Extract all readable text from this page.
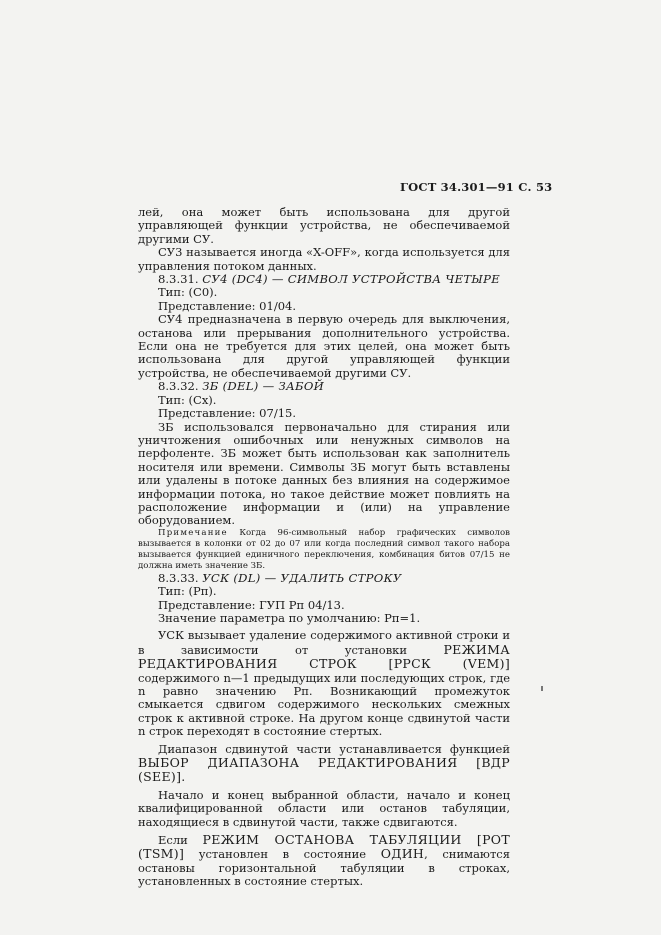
ГОСТ 34.301—91 С. 53

лей, она может быть использована для другой управляющей функции устройства, не обеспечиваемой другими СУ.

СУ3 называется иногда «X-OFF», когда используется для управления потоком данных.

8.3.31. СУ4 (DC4) — СИМВОЛ УСТРОЙСТВА ЧЕТЫРЕ

Тип: (С0).

Представление: 01/04.

СУ4 предназначена в первую очередь для выключения, останова или прерывания дополнительного устройства. Если она не требуется для этих целей, она может быть использована для другой управляющей функции устройства, не обеспечиваемой другими СУ.

8.3.32. ЗБ (DEL) — ЗАБОЙ

Тип: (Сх).

Представление: 07/15.

ЗБ использовался первоначально для стирания или уничтожения ошибочных или ненужных символов на перфоленте. ЗБ может быть использован как заполнитель носителя или времени. Символы ЗБ могут быть вставлены или удалены в потоке данных без влияния на содержимое информации потока, но такое действие может повлиять на расположение информации и (или) на управление оборудованием.

Примечание Когда 96-символьный набор графических символов вызывается в колонки от 02 до 07 или когда последний символ такого набора вызывается функцией единичного переключения, комбинация битов 07/15 не должна иметь значение ЗБ.

8.3.33. УСК (DL) — УДАЛИТЬ СТРОКУ

Тип: (Рп).

Представление: ГУП Рп 04/13.

Значение параметра по умолчанию: Рп=1.

УСК вызывает удаление содержимого активной строки и в зависимости от установки РЕЖИМА РЕДАКТИРОВАНИЯ СТРОК [РРСК (VEM)] содержимого n—1 предыдущих или последующих строк, где n равно значению Рп. Возникающий промежуток смыкается сдвигом содержимого нескольких смежных строк к активной строке. На другом конце сдвинутой части n строк переходят в состояние стертых.

Диапазон сдвинутой части устанавливается функцией ВЫБОР ДИАПАЗОНА РЕДАКТИРОВАНИЯ [ВДР (SEE)].

Начало и конец выбранной области, начало и конец квалифицированной области или останов табуляции, находящиеся в сдвинутой части, также сдвигаются.

Если РЕЖИМ ОСТАНОВА ТАБУЛЯЦИИ [РОТ (TSM)] установлен в состояние ОДИН, снимаются остановы горизонтальной табуляции в строках, установленных в состояние стертых.
